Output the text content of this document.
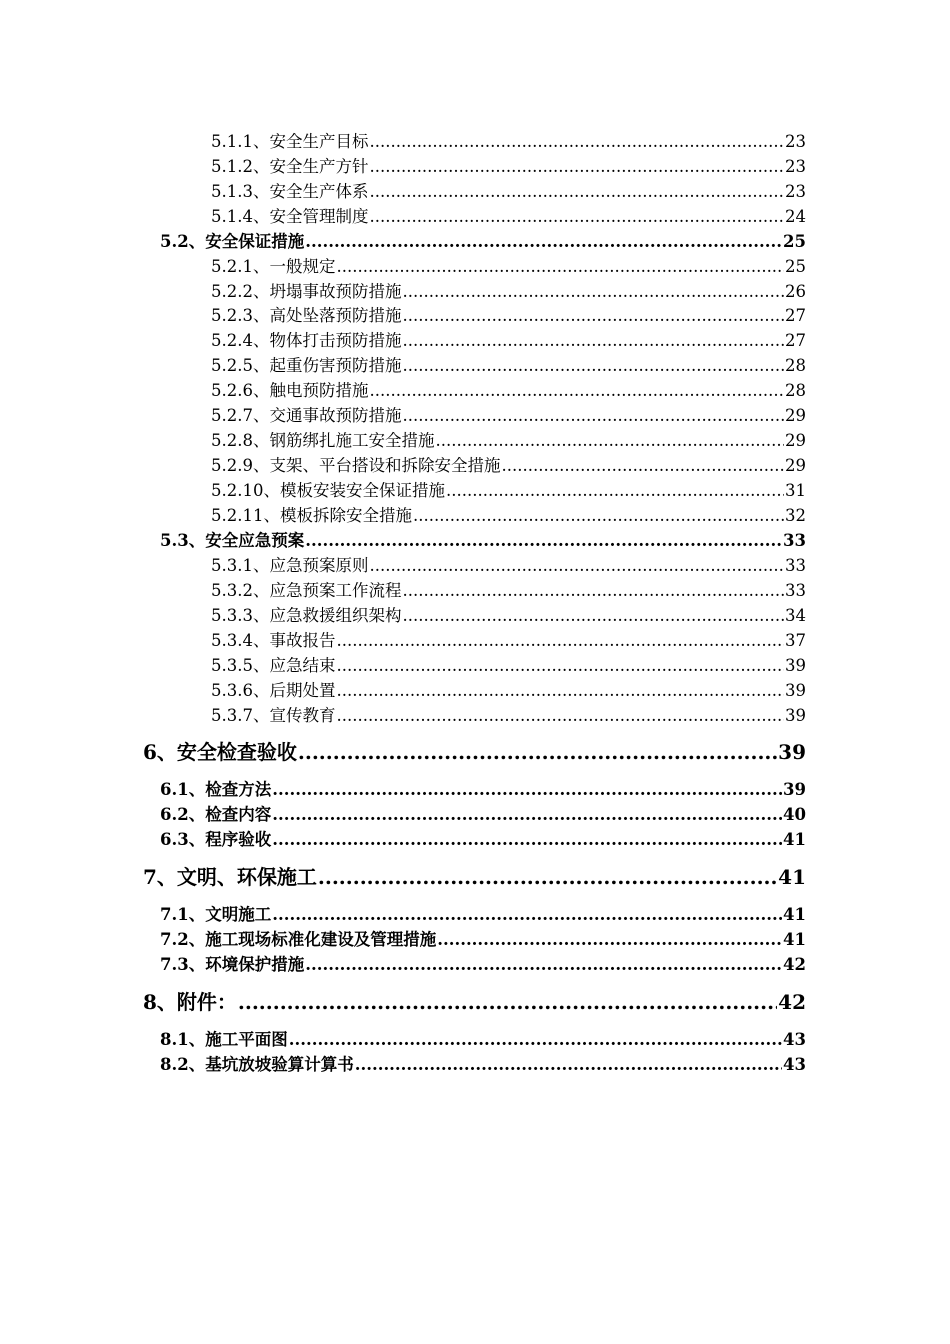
5.1.1、安全生产目标 .....	23
5.1.2、安全生产方针 .....	23
5.1.3、安全生产体系 .....	23
5.1.4、安全管理制度 .....	24
5.2、安全保证措施 .....	25
5.2.1、一般规定 .....	25
5.2.2、坍塌事故预防措施 .....	26
5.2.3、高处坠落预防措施 .....	27
5.2.4、物体打击预防措施 .....	27
5.2.5、起重伤害预防措施 .....	28
5.2.6、触电预防措施 .....	28
5.2.7、交通事故预防措施 .....	29
5.2.8、钢筋绑扎施工安全措施 .....	29
5.2.9、支架、平台搭设和拆除安全措施 .....	29
5.2.10、模板安装安全保证措施 .....	31
5.2.11、模板拆除安全措施 .....	32
5.3、安全应急预案 .....	33
5.3.1、应急预案原则 .....	33
5.3.2、应急预案工作流程 .....	33
5.3.3、应急救援组织架构 .....	34
5.3.4、事故报告 .....	37
5.3.5、应急结束 .....	39
5.3.6、后期处置 .....	39
5.3.7、宣传教育 .....	39
6、安全检查验收 .....	39
6.1、检查方法 .....	39
6.2、检查内容 .....	40
6.3、程序验收 .....	41
7、文明、环保施工 .....	41
7.1、文明施工 .....	41
7.2、施工现场标准化建设及管理措施 .....	41
7.3、环境保护措施 .....	42
8、附件： .....	42
8.1、施工平面图 .....	43
8.2、基坑放坡验算计算书 .....	43
